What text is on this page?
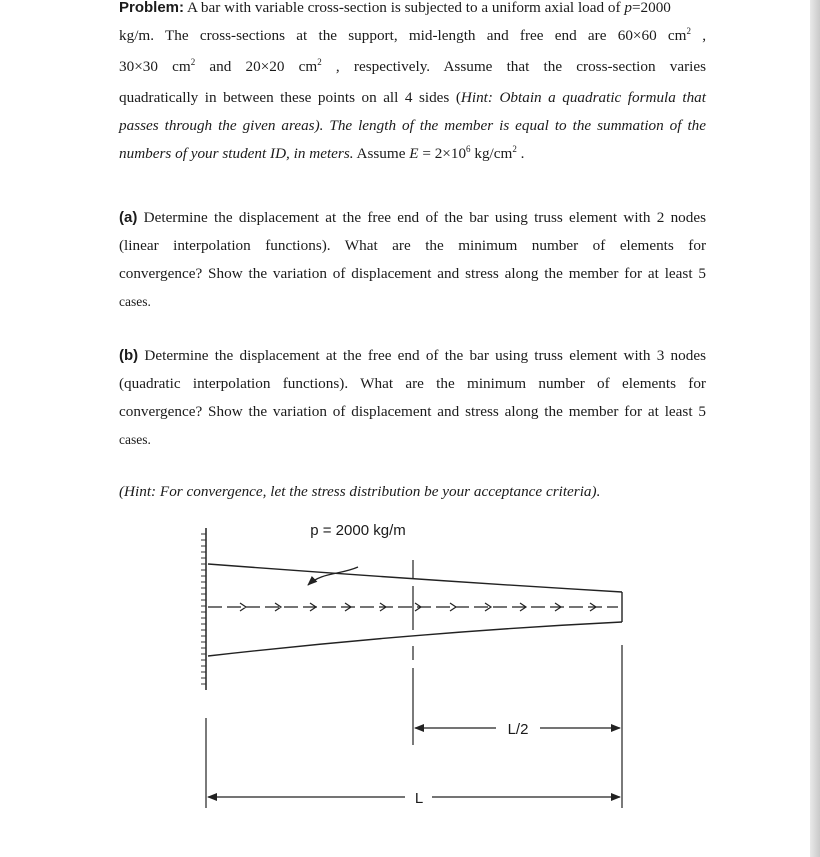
Problem: A bar with variable cross-section is subjected to a uniform axial load of p=2000
kg/m. The cross-sections at the support, mid-length and free end are 60×60 $cm^2$ ,
30×30 $cm^2$ and 20×20 $cm^2$ , respectively. Assume that the cross-section varies
quadratically in between these points on all 4 sides (Hint: Obtain a quadratic formula that
passes through the given areas). The length of the member is equal to the summation of the
numbers of your student ID, in meters. Assume $E = 2\times 10^6$ $kg/cm^2$ .
(a) Determine the displacement at the free end of the bar using truss element with 2 nodes
(linear interpolation functions). What are the minimum number of elements for
convergence? Show the variation of displacement and stress along the member for at least 5
cases.
(b) Determine the displacement at the free end of the bar using truss element with 3 nodes
(quadratic interpolation functions). What are the minimum number of elements for
convergence? Show the variation of displacement and stress along the member for at least 5
cases.
(Hint: For convergence, let the stress distribution be your acceptance criteria).
p = 2000 kg/m
L/2
L
